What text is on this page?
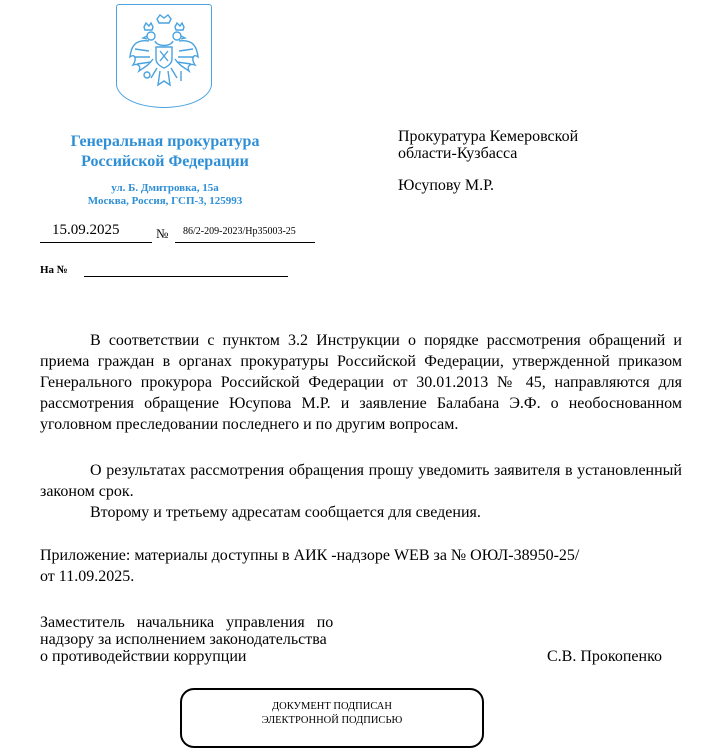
Генеральная прокуратура
Российской Федерации
ул. Б. Дмитровка, 15а
Москва, Россия, ГСП-3, 125993
15.09.2025	№ 86/2-209-2023/Нр35003-25
На №
Прокуратура Кемеровской
области-Кузбасса
Юсупову М.Р.

В соответствии с пунктом 3.2 Инструкции о порядке рассмотрения обращений и приема граждан в органах прокуратуры Российской Федерации, утвержденной приказом Генерального прокурора Российской Федерации от 30.01.2013 № 45, направляются для рассмотрения обращение Юсупова М.Р. и заявление Балабана Э.Ф. о необоснованном уголовном преследовании последнего и по другим вопросам.

О результатах рассмотрения обращения прошу уведомить заявителя в установленный законом срок.

Второму и третьему адресатам сообщается для сведения.

Приложение: материалы доступны в АИК -надзоре WEB за № ОЮЛ-38950-25/
от 11.09.2025.
Заместитель   начальника   управления   по
надзору за исполнением законодательства
о противодействии коррупции	С.В. Прокопенко
ДОКУМЕНТ ПОДПИСАН
ЭЛЕКТРОННОЙ ПОДПИСЬЮ
